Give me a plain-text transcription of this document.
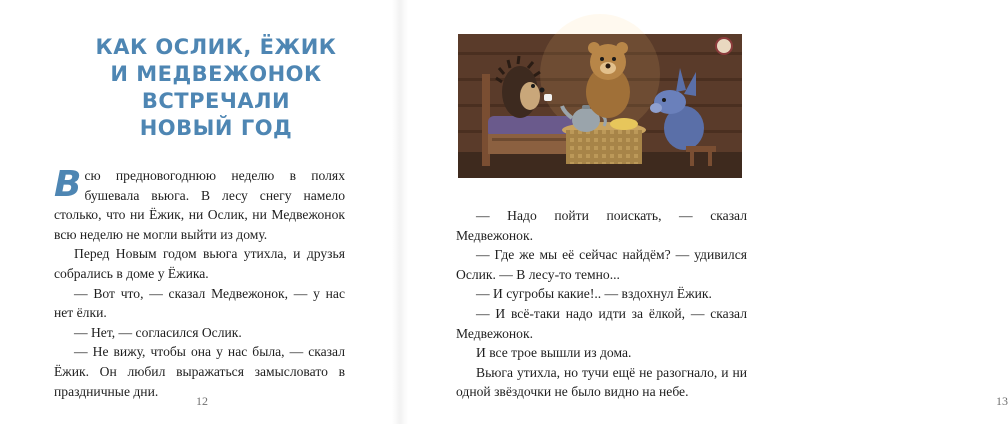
КАК ОСЛИК, ЁЖИК
И МЕДВЕЖОНОК ВСТРЕЧАЛИ
НОВЫЙ ГОД

Всю предновогоднюю неделю в полях бушевала вьюга. В лесу снегу намело столько, что ни Ёжик, ни Ослик, ни Медвежонок всю неделю не могли выйти из дому.

Перед Новым годом вьюга утихла, и друзья собрались в доме у Ёжика.

— Вот что, — сказал Медвежонок, — у нас нет ёлки.

— Нет, — согласился Ослик.

— Не вижу, чтобы она у нас была, — сказал Ёжик. Он любил выражаться замысловато в праздничные дни.

12	13

— Надо пойти поискать, — сказал Медвежонок.

— Где же мы её сейчас найдём? — удивился Ослик. — В лесу-то темно...

— И сугробы какие!.. — вздохнул Ёжик.

— И всё-таки надо идти за ёлкой, — сказал Медвежонок.

И все трое вышли из дома.

Вьюга утихла, но тучи ещё не разогнало, и ни одной звёздочки не было видно на небе.
